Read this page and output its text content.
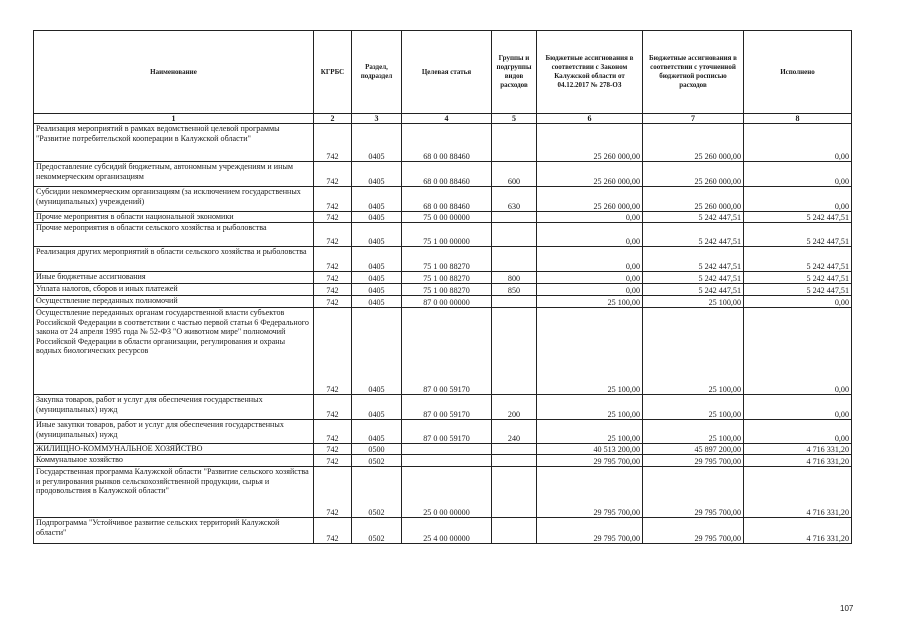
Наименование	КГРБС	Раздел, подраздел	Целевая статья	Группы и подгруппы видов расходов	Бюджетные ассигнования в соответствии с Законом Калужской области от 04.12.2017 № 278-ОЗ	Бюджетные ассигнования в соответствии с уточненной бюджетной росписью расходов	Исполнено
1	2	3	4	5	6	7	8
Реализация мероприятий в рамках ведомственной целевой программы "Развитие потребительской кооперации в Калужской области"	742	0405	68 0 00 88460		25 260 000,00	25 260 000,00	0,00
Предоставление субсидий бюджетным, автономным учреждениям и иным некоммерческим организациям	742	0405	68 0 00 88460	600	25 260 000,00	25 260 000,00	0,00
Субсидии некоммерческим организациям (за исключением государственных (муниципальных) учреждений)	742	0405	68 0 00 88460	630	25 260 000,00	25 260 000,00	0,00
Прочие мероприятия в области национальной экономики	742	0405	75 0 00 00000		0,00	5 242 447,51	5 242 447,51
Прочие мероприятия в области сельского хозяйства и рыболовства	742	0405	75 1 00 00000		0,00	5 242 447,51	5 242 447,51
Реализация других мероприятий в области сельского хозяйства и рыболовства	742	0405	75 1 00 88270		0,00	5 242 447,51	5 242 447,51
Иные бюджетные ассигнования	742	0405	75 1 00 88270	800	0,00	5 242 447,51	5 242 447,51
Уплата налогов, сборов и иных платежей	742	0405	75 1 00 88270	850	0,00	5 242 447,51	5 242 447,51
Осуществление переданных полномочий	742	0405	87 0 00 00000		25 100,00	25 100,00	0,00
Осуществление переданных органам государственной власти субъектов Российской Федерации в соответствии с частью первой статьи 6 Федерального закона от 24 апреля 1995 года № 52-ФЗ "О животном мире" полномочий Российской Федерации в области организации, регулирования и охраны водных биологических ресурсов	742	0405	87 0 00 59170		25 100,00	25 100,00	0,00
Закупка товаров, работ и услуг для обеспечения государственных (муниципальных) нужд	742	0405	87 0 00 59170	200	25 100,00	25 100,00	0,00
Иные закупки товаров, работ и услуг для обеспечения государственных (муниципальных) нужд	742	0405	87 0 00 59170	240	25 100,00	25 100,00	0,00
ЖИЛИЩНО-КОММУНАЛЬНОЕ ХОЗЯЙСТВО	742	0500			40 513 200,00	45 897 200,00	4 716 331,20
Коммунальное хозяйство	742	0502			29 795 700,00	29 795 700,00	4 716 331,20
Государственная программа Калужской области "Развитие сельского хозяйства и регулирования рынков сельскохозяйственной продукции, сырья и продовольствия в Калужской области"	742	0502	25 0 00 00000		29 795 700,00	29 795 700,00	4 716 331,20
Подпрограмма "Устойчивое развитие сельских территорий Калужской области"	742	0502	25 4 00 00000		29 795 700,00	29 795 700,00	4 716 331,20
107
